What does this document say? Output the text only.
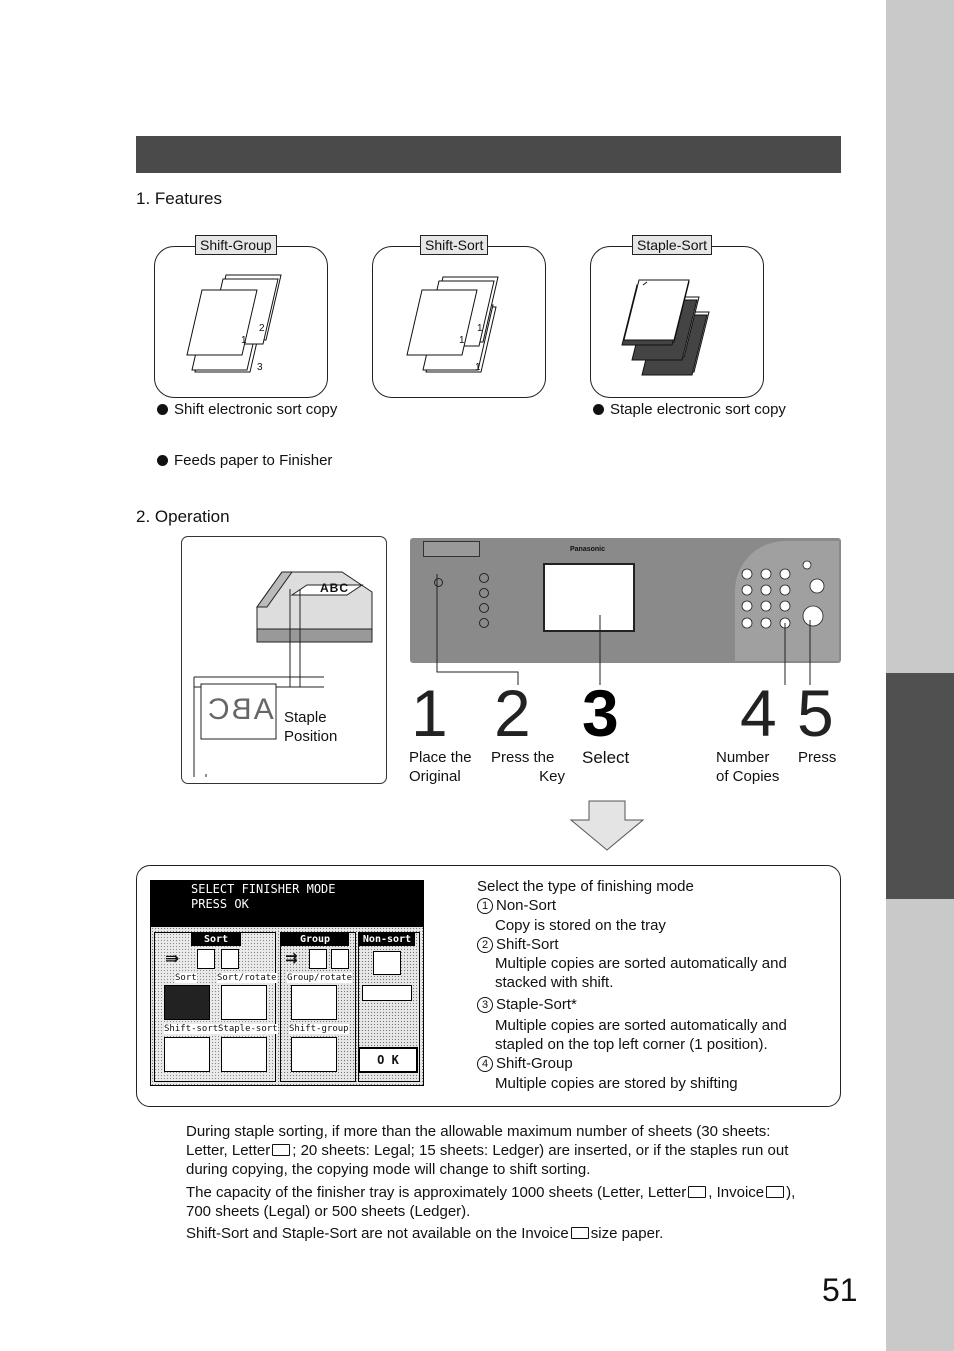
1. Features
1
2
3
Shift-Group
1
1
1
Shift-Sort	Staple-Sort
Shift electronic sort copy	Staple electronic sort copy
Feeds paper to Finisher
2. Operation
ABC
ABC Staple
Position
Panasonic
1 2 3 4 5
Place the
Original
Press the
Key
Select	Number
of Copies
Press
SELECT FINISHER MODE
PRESS OK
Sort	Group	Non-sort
⇛	⇉
Sort Sort/rotate Group/rotate
Shift-sort Staple-sort Shift-group
O K
Select the type of finishing mode
1 Non-Sort
Copy is stored on the tray
2 Shift-Sort
Multiple copies are sorted automatically and
stacked with shift.
3 Staple-Sort*
Multiple copies are sorted automatically and
stapled on the top left corner (1 position).
4 Shift-Group
Multiple copies are stored by shifting
During staple sorting, if more than the allowable maximum number of sheets (30 sheets:
Letter, Letter ; 20 sheets: Legal; 15 sheets: Ledger) are inserted, or if the staples run out
during copying, the copying mode will change to shift sorting.
The capacity of the finisher tray is approximately 1000 sheets (Letter, Letter , Invoice ),
700 sheets (Legal) or 500 sheets (Ledger).
Shift-Sort and Staple-Sort are not available on the Invoice size paper.
51
